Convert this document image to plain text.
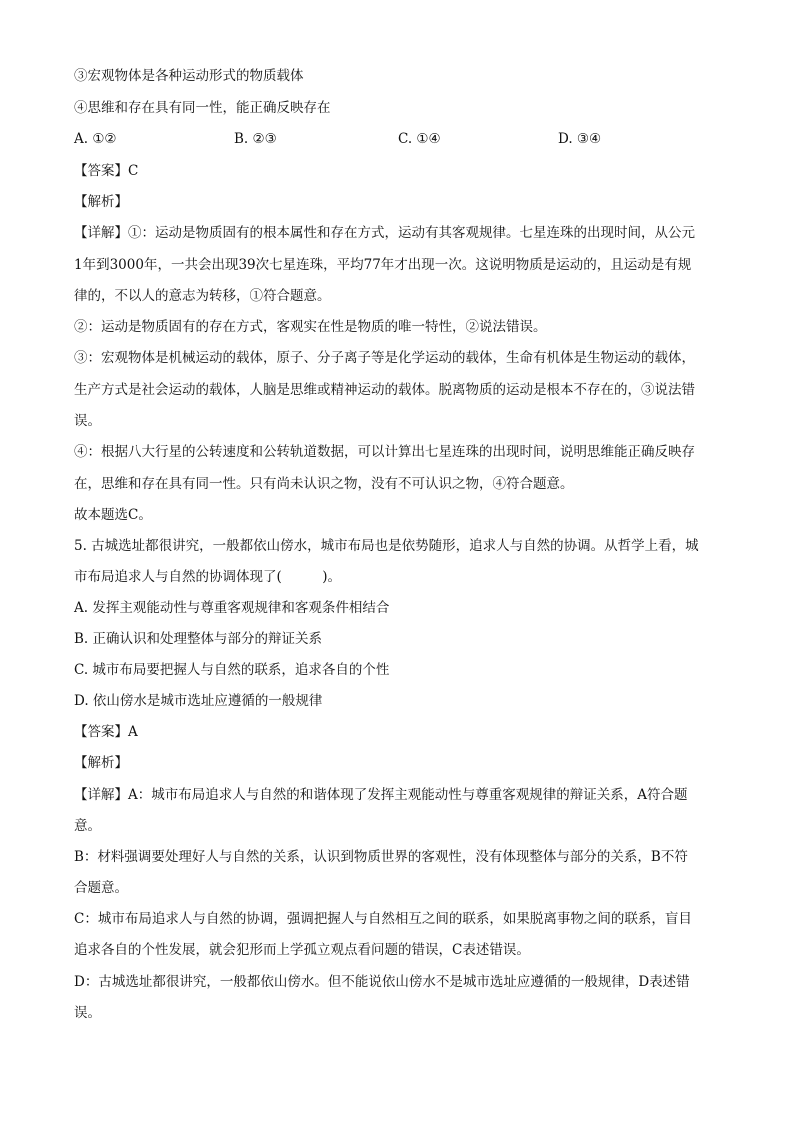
③宏观物体是各种运动形式的物质载体
④思维和存在具有同一性，能正确反映存在
A. ①②	B. ②③	C. ①④	D. ③④
【答案】C
【解析】
【详解】①：运动是物质固有的根本属性和存在方式，运动有其客观规律。七星连珠的出现时间，从公元
1年到3000年，一共会出现39次七星连珠，平均77年才出现一次。这说明物质是运动的，且运动是有规
律的，不以人的意志为转移，①符合题意。
②：运动是物质固有的存在方式，客观实在性是物质的唯一特性，②说法错误。
③：宏观物体是机械运动的载体，原子、分子离子等是化学运动的载体，生命有机体是生物运动的载体，
生产方式是社会运动的载体，人脑是思维或精神运动的载体。脱离物质的运动是根本不存在的，③说法错
误。
④：根据八大行星的公转速度和公转轨道数据，可以计算出七星连珠的出现时间，说明思维能正确反映存
在，思维和存在具有同一性。只有尚未认识之物，没有不可认识之物，④符合题意。
故本题选C。
5. 古城选址都很讲究，一般都依山傍水，城市布局也是依势随形，追求人与自然的协调。从哲学上看，城
市布局追求人与自然的协调体现了(　　　)。
A. 发挥主观能动性与尊重客观规律和客观条件相结合
B. 正确认识和处理整体与部分的辩证关系
C. 城市布局要把握人与自然的联系，追求各自的个性
D. 依山傍水是城市选址应遵循的一般规律
【答案】A
【解析】
【详解】A：城市布局追求人与自然的和谐体现了发挥主观能动性与尊重客观规律的辩证关系，A符合题
意。
B：材料强调要处理好人与自然的关系，认识到物质世界的客观性，没有体现整体与部分的关系，B不符
合题意。
C：城市布局追求人与自然的协调，强调把握人与自然相互之间的联系，如果脱离事物之间的联系，盲目
追求各自的个性发展，就会犯形而上学孤立观点看问题的错误，C表述错误。
D：古城选址都很讲究，一般都依山傍水。但不能说依山傍水不是城市选址应遵循的一般规律，D表述错
误。
